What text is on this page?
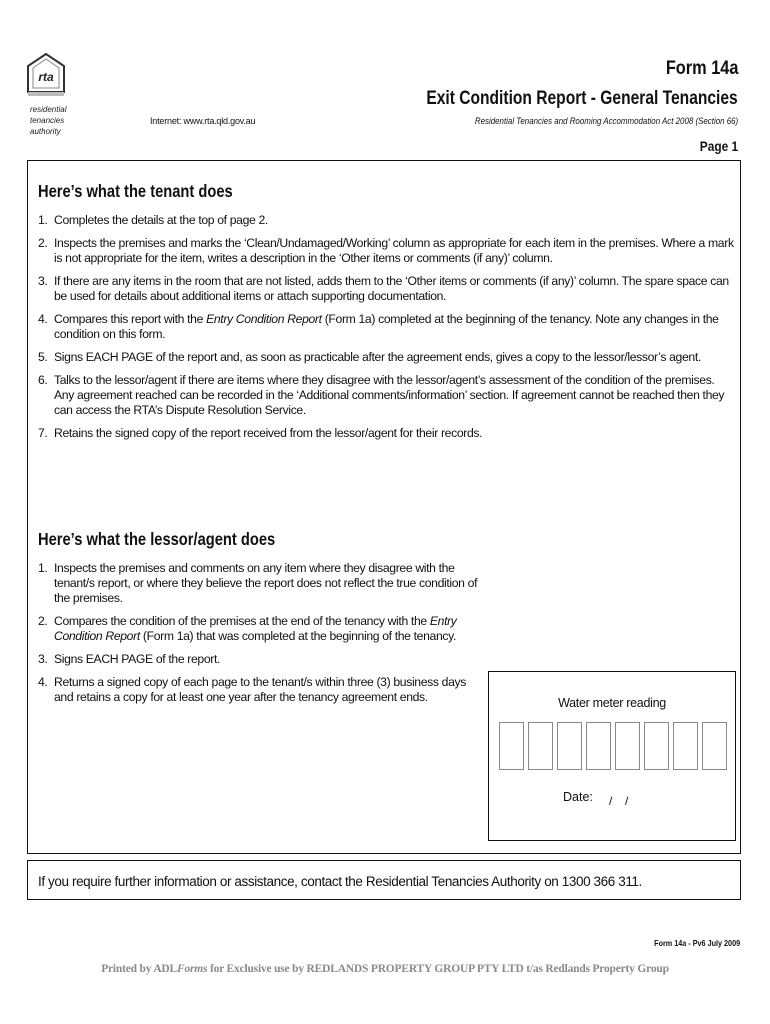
rta
residential
tenancies
authority
Internet: www.rta.qld.gov.au
Form 14a
Exit Condition Report - General Tenancies
Residential Tenancies and Rooming Accommodation Act 2008 (Section 66)
Page 1
Here’s what the tenant does
1. Completes the details at the top of page 2.
2. Inspects the premises and marks the ‘Clean/Undamaged/Working’ column as appropriate for each item in the premises. Where a mark is not appropriate for the item, writes a description in the ‘Other items or comments (if any)’ column.
3. If there are any items in the room that are not listed, adds them to the ‘Other items or comments (if any)’ column. The spare space can be used for details about additional items or attach supporting documentation.
4. Compares this report with the Entry Condition Report (Form 1a) completed at the beginning of the tenancy. Note any changes in the condition on this form.
5. Signs EACH PAGE of the report and, as soon as practicable after the agreement ends, gives a copy to the lessor/lessor’s agent.
6. Talks to the lessor/agent if there are items where they disagree with the lessor/agent’s assessment of the condition of the premises. Any agreement reached can be recorded in the ‘Additional comments/information’ section. If agreement cannot be reached then they can access the RTA’s Dispute Resolution Service.
7. Retains the signed copy of the report received from the lessor/agent for their records.
Here’s what the lessor/agent does
1. Inspects the premises and comments on any item where they disagree with the tenant/s report, or where they believe the report does not reflect the true condition of the premises.
2. Compares the condition of the premises at the end of the tenancy with the Entry Condition Report (Form 1a) that was completed at the beginning of the tenancy.
3. Signs EACH PAGE of the report.
4. Returns a signed copy of each page to the tenant/s within three (3) business days and retains a copy for at least one year after the tenancy agreement ends.	Water meter reading
Date: / /
If you require further information or assistance, contact the Residential Tenancies Authority on 1300 366 311.
Form 14a - Pv6 July 2009
Printed by ADLForms for Exclusive use by REDLANDS PROPERTY GROUP PTY LTD t/as Redlands Property Group
